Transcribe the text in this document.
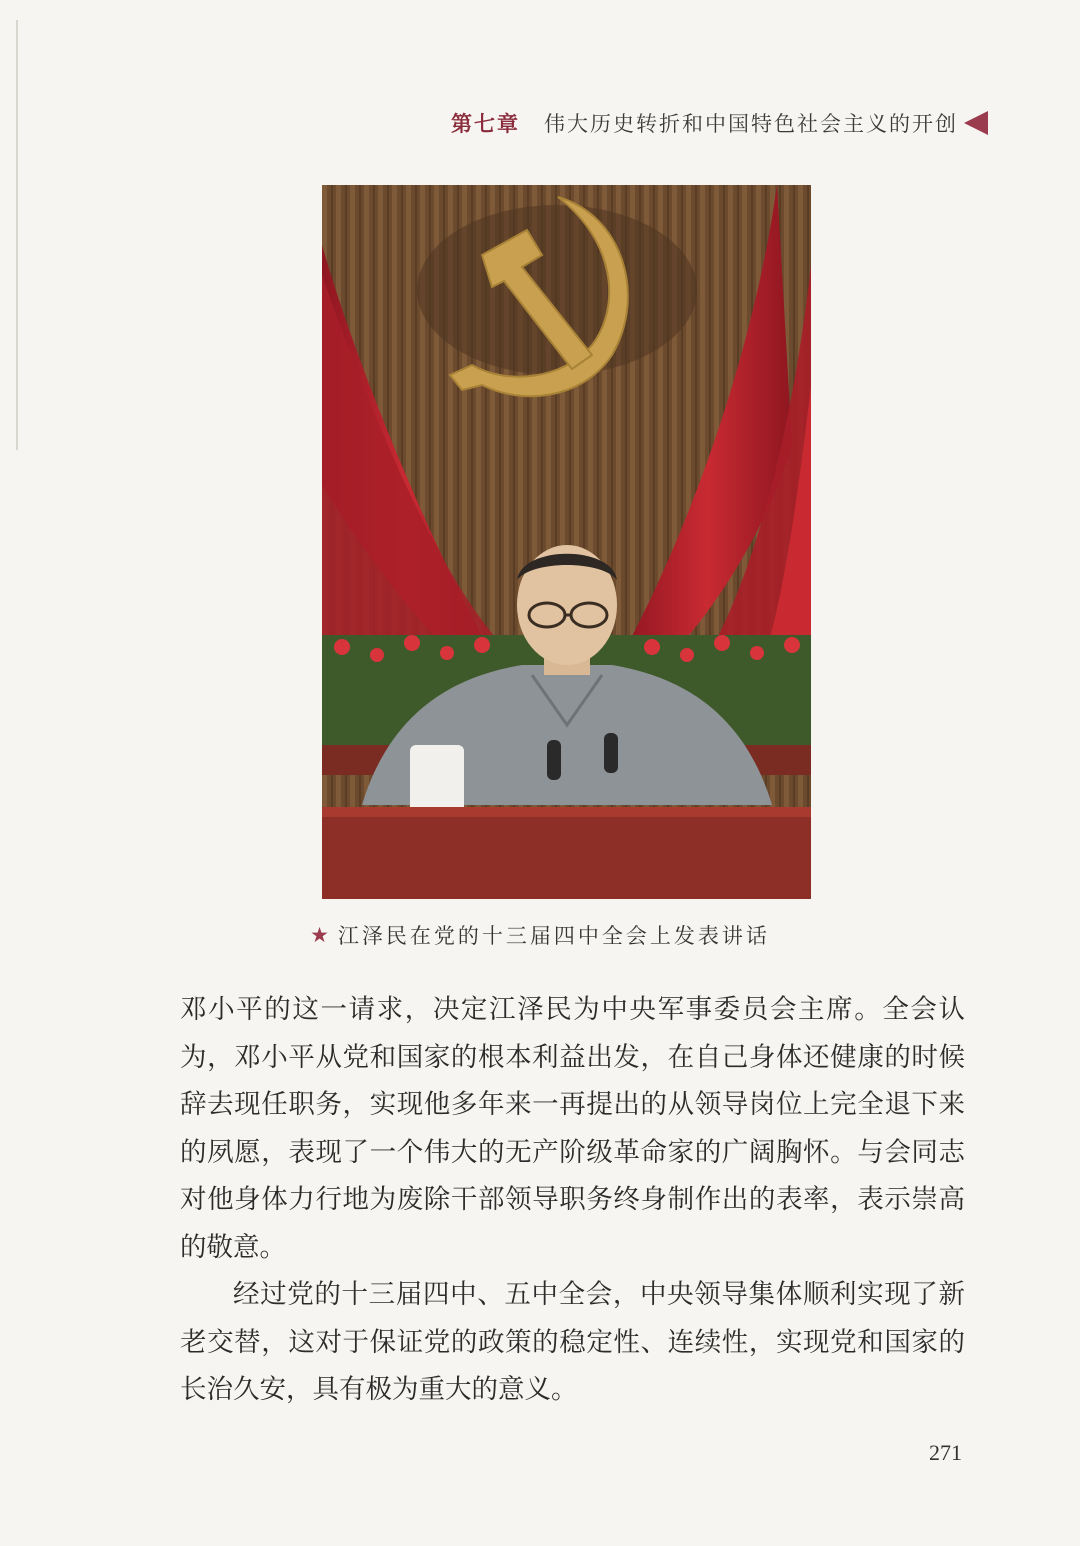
第七章 伟大历史转折和中国特色社会主义的开创
★ 江泽民在党的十三届四中全会上发表讲话

邓小平的这一请求，决定江泽民为中央军事委员会主席。全会认为，邓小平从党和国家的根本利益出发，在自己身体还健康的时候辞去现任职务，实现他多年来一再提出的从领导岗位上完全退下来的夙愿，表现了一个伟大的无产阶级革命家的广阔胸怀。与会同志对他身体力行地为废除干部领导职务终身制作出的表率，表示崇高的敬意。

经过党的十三届四中、五中全会，中央领导集体顺利实现了新老交替，这对于保证党的政策的稳定性、连续性，实现党和国家的长治久安，具有极为重大的意义。

271
